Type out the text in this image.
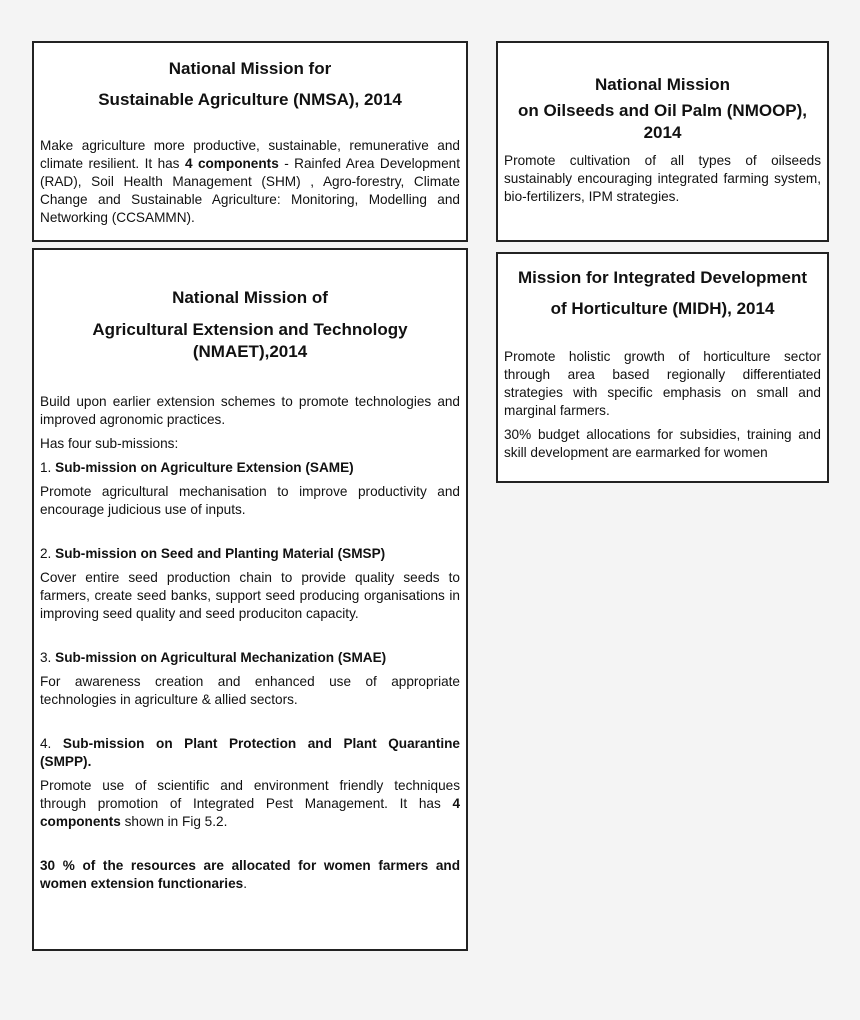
National Mission for
Sustainable Agriculture (NMSA), 2014

Make agriculture more productive, sustainable, remunerative and climate resilient. It has 4 components - Rainfed Area Development (RAD), Soil Health Management (SHM) , Agro-forestry, Climate Change and Sustainable Agriculture: Monitoring, Modelling and Networking (CCSAMMN).

National Mission
on Oilseeds and Oil Palm (NMOOP),
2014

Promote cultivation of all types of oilseeds sustainably encouraging integrated farming system, bio-fertilizers, IPM strategies.

National Mission of
Agricultural Extension and Technology
(NMAET),2014

Build upon earlier extension schemes to promote technologies and improved agronomic practices.

Has four sub-missions:

1. Sub-mission on Agriculture Extension (SAME)

Promote agricultural mechanisation to improve productivity and encourage judicious use of inputs.

2. Sub-mission on Seed and Planting Material (SMSP)

Cover entire seed production chain to provide quality seeds to farmers, create seed banks, support seed producing organisations in improving seed quality and seed produciton capacity.

3. Sub-mission on Agricultural Mechanization (SMAE)

For awareness creation and enhanced use of appropriate technologies in agriculture & allied sectors.

4. Sub-mission on Plant Protection and Plant Quarantine (SMPP).

Promote use of scientific and environment friendly techniques through promotion of Integrated Pest Management. It has 4 components shown in Fig 5.2.

30 % of the resources are allocated for women farmers and women extension functionaries.

Mission for Integrated Development
of Horticulture (MIDH), 2014

Promote holistic growth of horticulture sector through area based regionally differentiated strategies with specific emphasis on small and marginal farmers.

30% budget allocations for subsidies, training and skill development are earmarked for women
